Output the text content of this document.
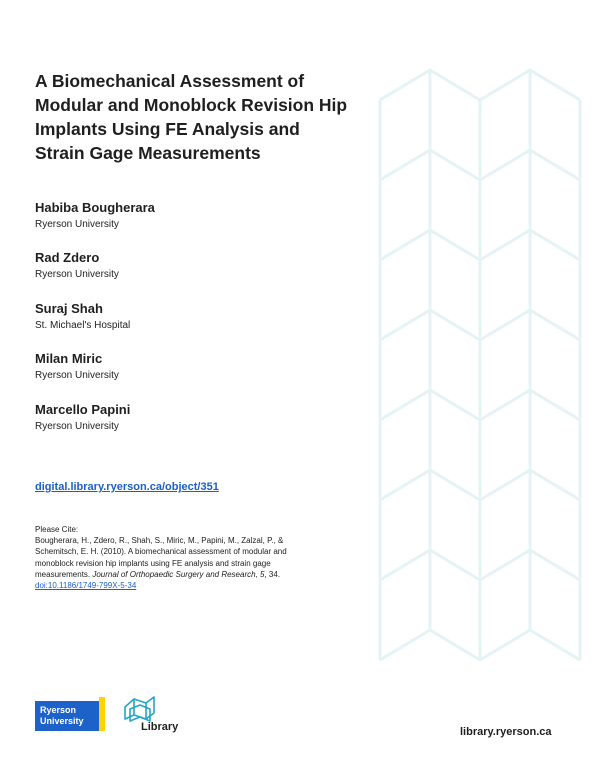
A Biomechanical Assessment of
Modular and Monoblock Revision Hip
Implants Using FE Analysis and
Strain Gage Measurements
Habiba Bougherara
Ryerson University
Rad Zdero
Ryerson University
Suraj Shah
St. Michael's Hospital
Milan Miric
Ryerson University
Marcello Papini
Ryerson University
digital.library.ryerson.ca/object/351
Please Cite:
Bougherara, H., Zdero, R., Shah, S., Miric, M., Papini, M., Zalzal, P., &
Schemitsch, E. H. (2010). A biomechanical assessment of modular and
monoblock revision hip implants using FE analysis and strain gage
measurements. Journal of Orthopaedic Surgery and Research, 5, 34.
doi:10.1186/1749-799X-5-34
Ryerson
University
Library	library.ryerson.ca
